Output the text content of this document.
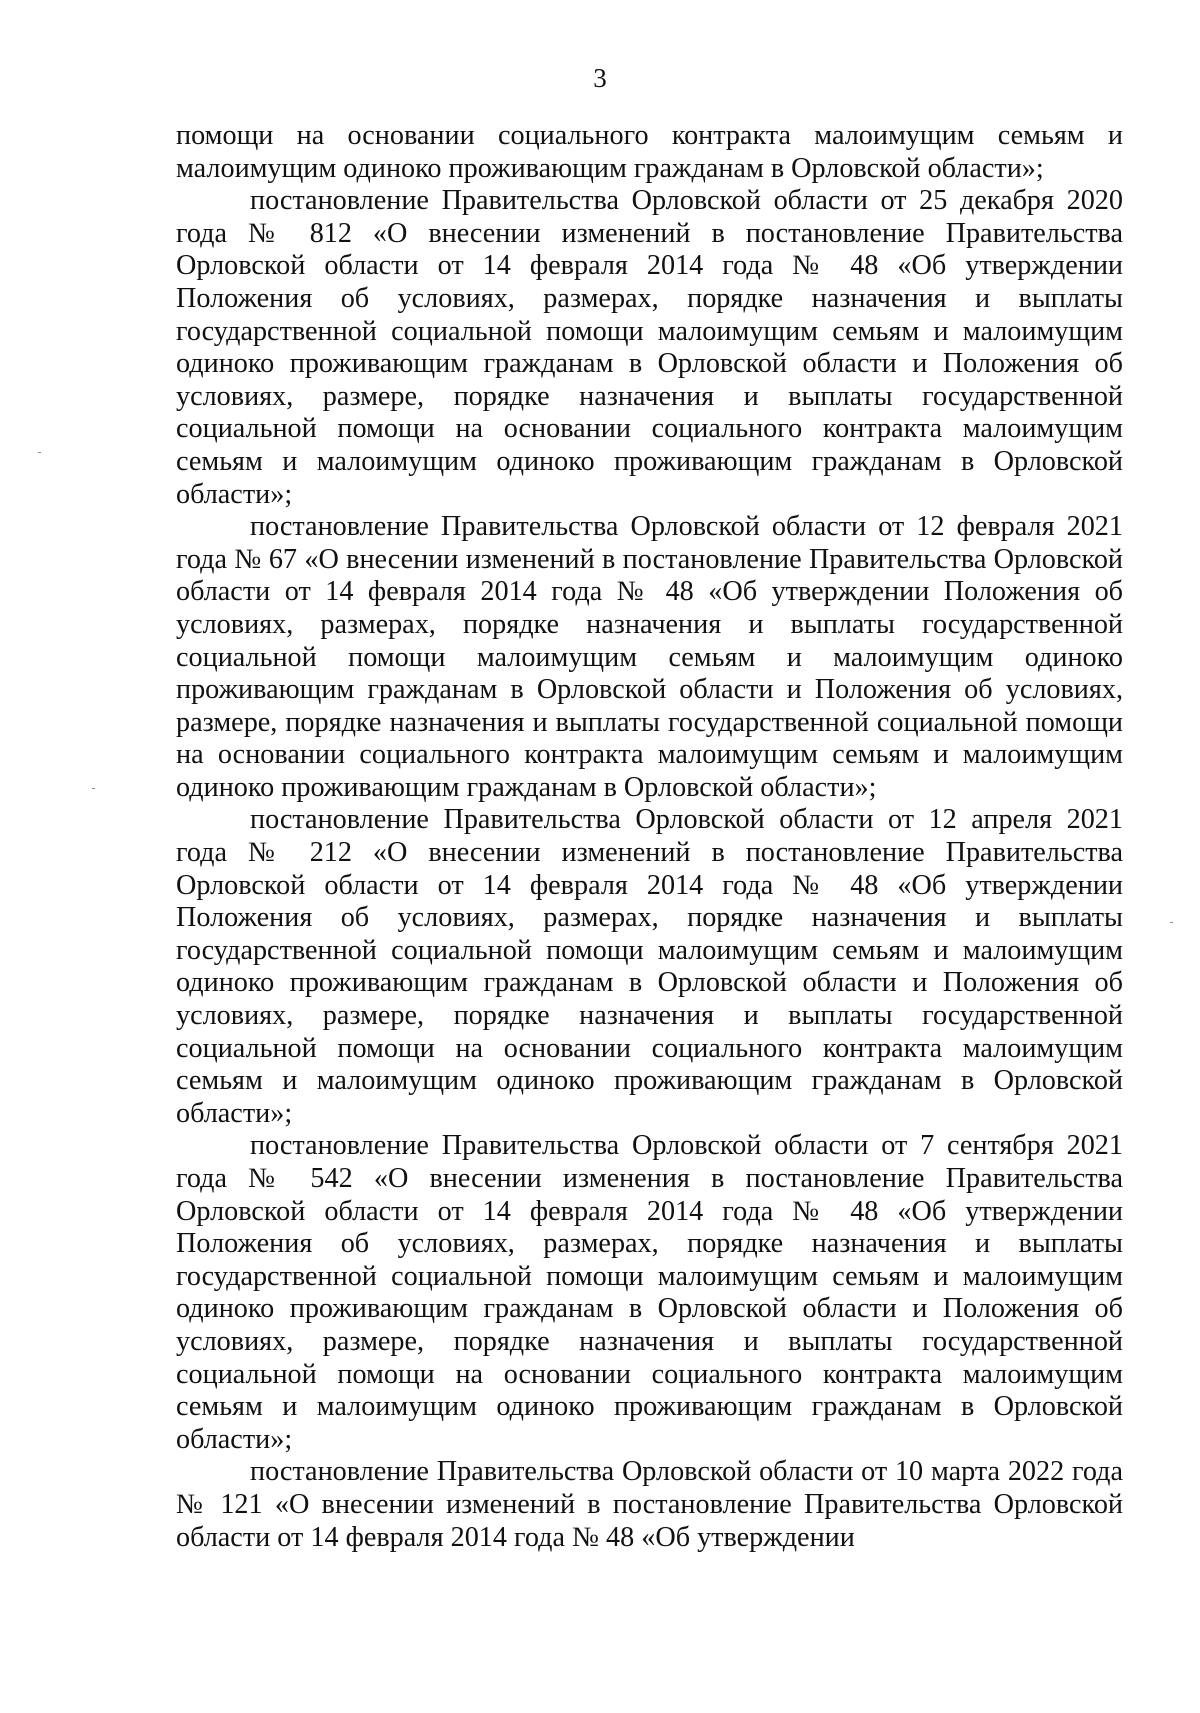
3

помощи на основании социального контракта малоимущим семьям и малоимущим одиноко проживающим гражданам в Орловской области»;

постановление Правительства Орловской области от 25 декабря 2020 года № 812 «О внесении изменений в постановление Правительства Орловской области от 14 февраля 2014 года № 48 «Об утверждении Положения об условиях, размерах, порядке назначения и выплаты государственной социальной помощи малоимущим семьям и малоимущим одиноко проживающим гражданам в Орловской области и Положения об условиях, размере, порядке назначения и выплаты государственной социальной помощи на основании социального контракта малоимущим семьям и малоимущим одиноко проживающим гражданам в Орловской области»;

постановление Правительства Орловской области от 12 февраля 2021 года № 67 «О внесении изменений в постановление Правительства Орловской области от 14 февраля 2014 года № 48 «Об утверждении Положения об условиях, размерах, порядке назначения и выплаты государственной социальной помощи малоимущим семьям и малоимущим одиноко проживающим гражданам в Орловской области и Положения об условиях, размере, порядке назначения и выплаты государственной социальной помощи на основании социального контракта малоимущим семьям и малоимущим одиноко проживающим гражданам в Орловской области»;

постановление Правительства Орловской области от 12 апреля 2021 года № 212 «О внесении изменений в постановление Правительства Орловской области от 14 февраля 2014 года № 48 «Об утверждении Положения об условиях, размерах, порядке назначения и выплаты государственной социальной помощи малоимущим семьям и малоимущим одиноко проживающим гражданам в Орловской области и Положения об условиях, размере, порядке назначения и выплаты государственной социальной помощи на основании социального контракта малоимущим семьям и малоимущим одиноко проживающим гражданам в Орловской области»;

постановление Правительства Орловской области от 7 сентября 2021 года № 542 «О внесении изменения в постановление Правительства Орловской области от 14 февраля 2014 года № 48 «Об утверждении Положения об условиях, размерах, порядке назначения и выплаты государственной социальной помощи малоимущим семьям и малоимущим одиноко проживающим гражданам в Орловской области и Положения об условиях, размере, порядке назначения и выплаты государственной социальной помощи на основании социального контракта малоимущим семьям и малоимущим одиноко проживающим гражданам в Орловской области»;

постановление Правительства Орловской области от 10 марта 2022 года № 121 «О внесении изменений в постановление Правительства Орловской области от 14 февраля 2014 года № 48 «Об утверждении
